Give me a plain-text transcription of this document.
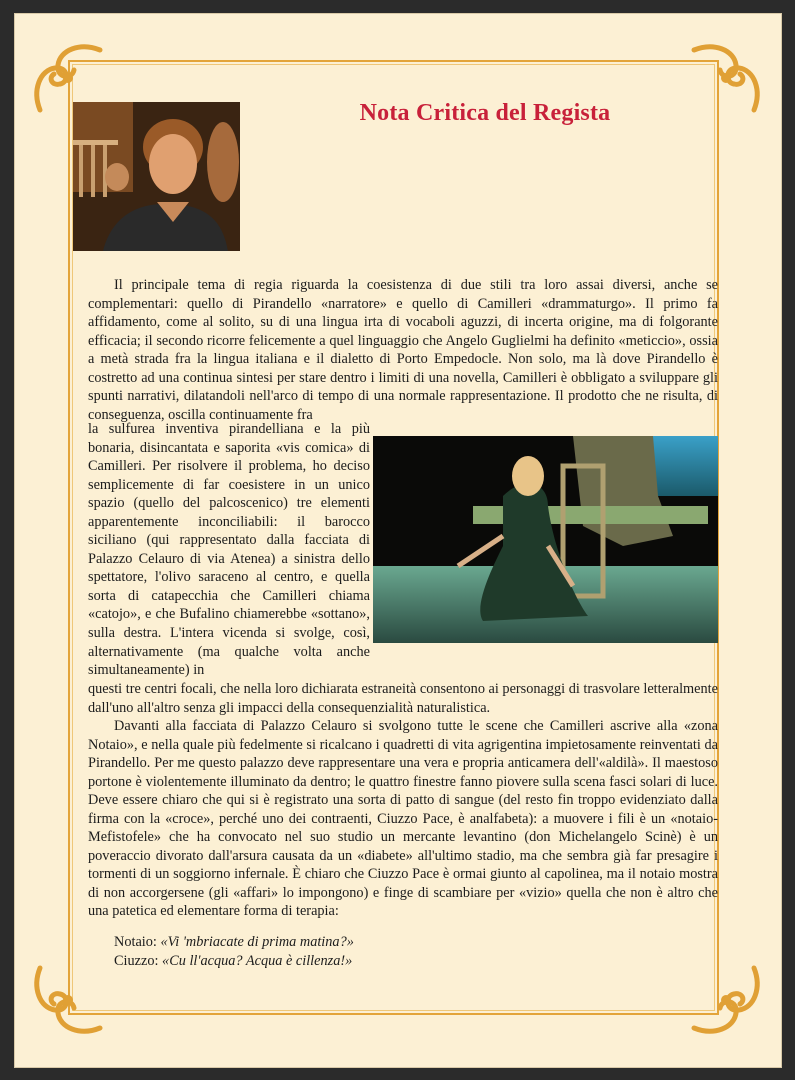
Nota Critica del Regista

Il principale tema di regia riguarda la coesistenza di due stili tra loro assai diversi, anche se complementari: quello di Pirandello «narratore» e quello di Camilleri «drammaturgo». Il primo fa affidamento, come al solito, su di una lingua irta di vocaboli aguzzi, di incerta origine, ma di folgorante efficacia; il secondo ricorre felicemente a quel linguaggio che Angelo Guglielmi ha definito «meticcio», ossia a metà strada fra la lingua italiana e il dialetto di Porto Empedocle. Non solo, ma là dove Pirandello è costretto ad una continua sintesi per stare dentro i limiti di una novella, Camilleri è obbligato a sviluppare gli spunti narrativi, dilatandoli nell'arco di tempo di una normale rappresentazione. Il prodotto che ne risulta, di conseguenza, oscilla continuamente fra

la sulfurea inventiva pirandelliana e la più bonaria, disincantata e saporita «vis comica» di Camilleri. Per risolvere il problema, ho deciso semplicemente di far coesistere in un unico spazio (quello del palcoscenico) tre elementi apparentemente inconciliabili: il barocco siciliano (qui rappresentato dalla facciata di Palazzo Celauro di via Atenea) a sinistra dello spettatore, l'olivo saraceno al centro, e quella sorta di catapecchia che Camilleri chiama «catojo», e che Bufalino chiamerebbe «sottano», sulla destra. L'intera vicenda si svolge, così, alternativamente (ma qualche volta anche simultaneamente) in
questi tre centri focali, che nella loro dichiarata estraneità consentono ai personaggi di trasvolare letteralmente dall'uno all'altro senza gli impacci della consequenzialità naturalistica.

Davanti alla facciata di Palazzo Celauro si svolgono tutte le scene che Camilleri ascrive alla «zona Notaio», e nella quale più fedelmente si ricalcano i quadretti di vita agrigentina impietosamente reinventati da Pirandello. Per me questo palazzo deve rappresentare una vera e propria anticamera dell'«aldilà». Il maestoso portone è violentemente illuminato da dentro; le quattro finestre fanno piovere sulla scena fasci solari di luce. Deve essere chiaro che qui si è registrato una sorta di patto di sangue (del resto fin troppo evidenziato dalla firma con la «croce», perché uno dei contraenti, Ciuzzo Pace, è analfabeta): a muovere i fili è un «notaio-Mefistofele» che ha convocato nel suo studio un mercante levantino (don Michelangelo Scinè) è un poveraccio divorato dall'arsura causata da un «diabete» all'ultimo stadio, ma che sembra già far presagire i tormenti di un soggiorno infernale. È chiaro che Ciuzzo Pace è ormai giunto al capolinea, ma il notaio mostra di non accorgersene (gli «affari» lo impongono) e finge di scambiare per «vizio» quella che non è altro che una patetica ed elementare forma di terapia:

Notaio: «Vi 'mbriacate di prima matina?»
Ciuzzo: «Cu ll'acqua? Acqua è cillenza!»
